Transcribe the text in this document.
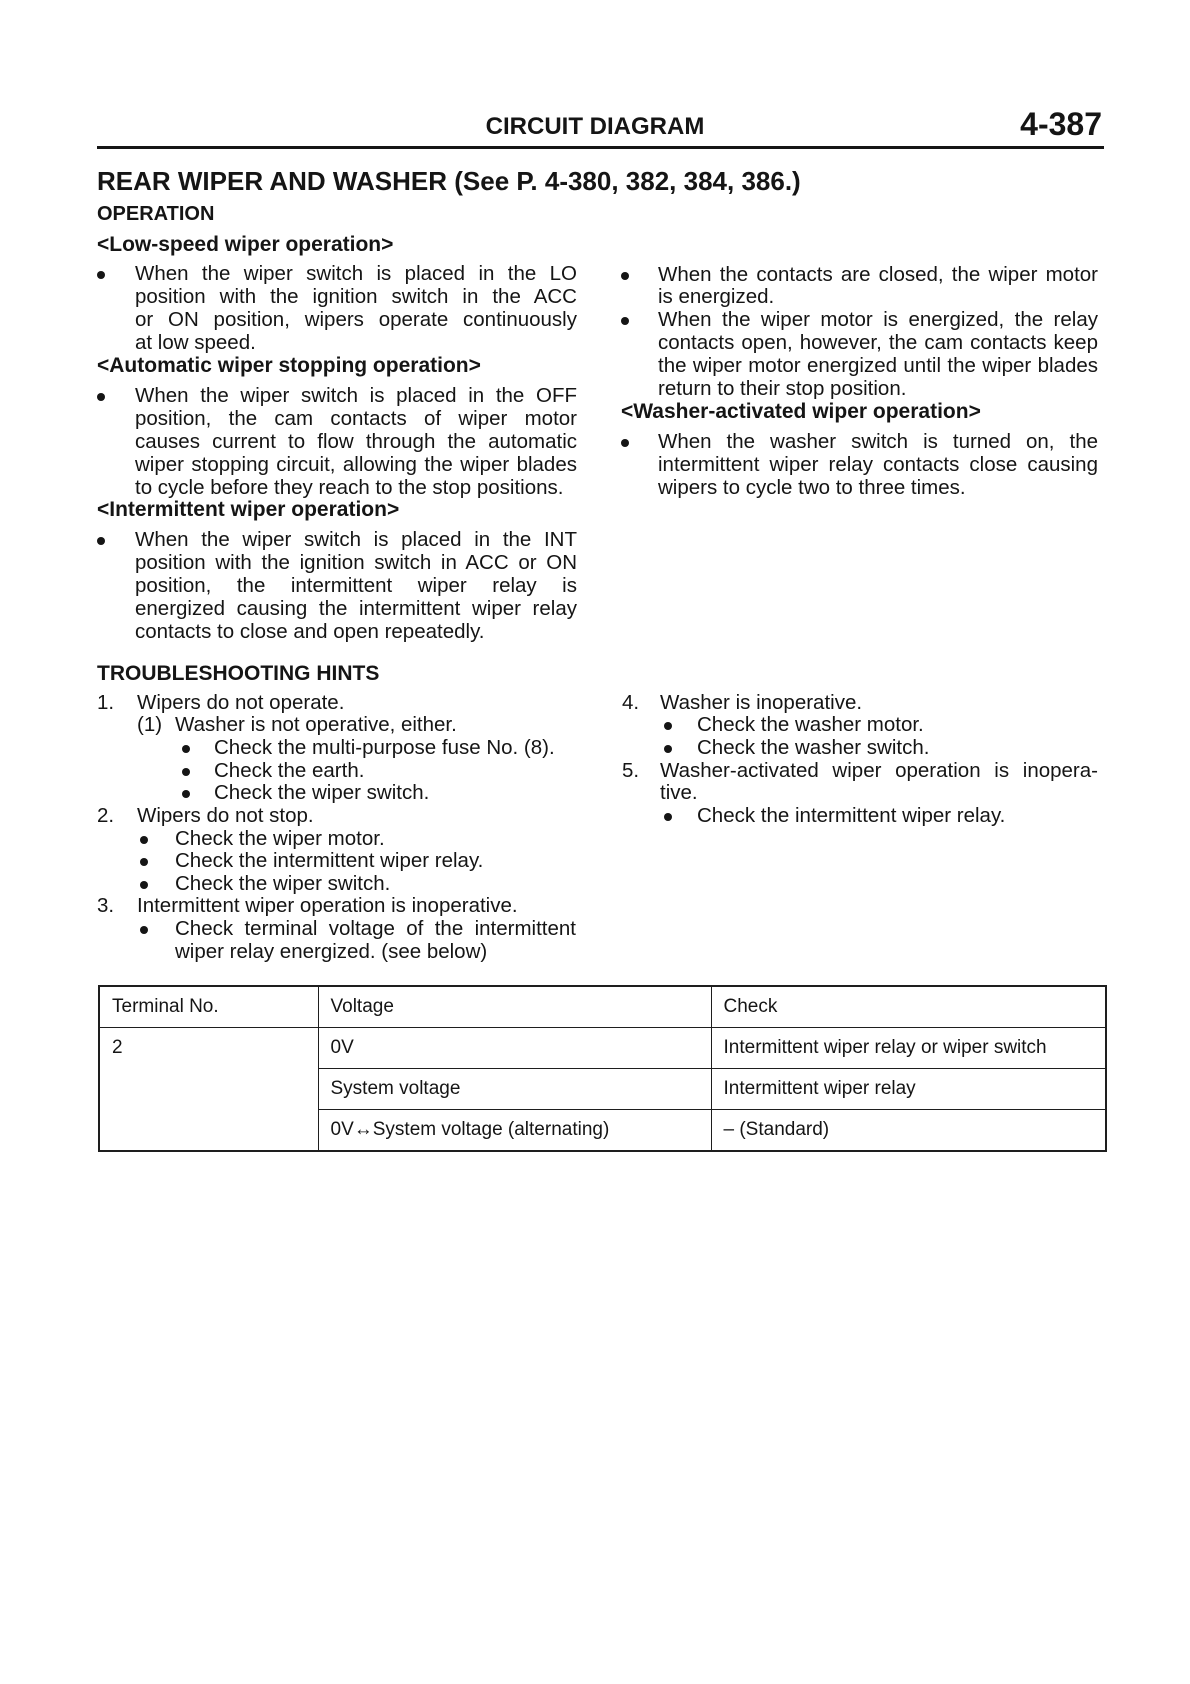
CIRCUIT DIAGRAM	4-387
REAR WIPER AND WASHER (See P. 4-380, 382, 384, 386.)
OPERATION
<Low-speed wiper operation>
When the wiper switch is placed in the LO
position with the ignition switch in the ACC
or ON position, wipers operate continuously
at low speed.
<Automatic wiper stopping operation>
When the wiper switch is placed in the OFF
position, the cam contacts of wiper motor
causes current to flow through the automatic
wiper stopping circuit, allowing the wiper blades
to cycle before they reach to the stop positions.
<Intermittent wiper operation>
When the wiper switch is placed in the INT
position with the ignition switch in ACC or ON
position, the intermittent wiper relay is
energized causing the intermittent wiper relay
contacts to close and open repeatedly.
When the contacts are closed, the wiper motor
is energized.
When the wiper motor is energized, the relay
contacts open, however, the cam contacts keep
the wiper motor energized until the wiper blades
return to their stop position.
<Washer-activated wiper operation>
When the washer switch is turned on, the
intermittent wiper relay contacts close causing
wipers to cycle two to three times.
TROUBLESHOOTING HINTS
1. Wipers do not operate.
(1) Washer is not operative, either.
Check the multi-purpose fuse No. (8).
Check the earth.
Check the wiper switch.
2. Wipers do not stop.
Check the wiper motor.
Check the intermittent wiper relay.
Check the wiper switch.
3. Intermittent wiper operation is inoperative.
Check terminal voltage of the intermittent
wiper relay energized. (see below)
4. Washer is inoperative.
Check the washer motor.
Check the washer switch.
5. Washer-activated wiper operation is inopera-
tive.
Check the intermittent wiper relay.
Terminal No.	Voltage	Check
2	0V	Intermittent wiper relay or wiper switch
	System voltage	Intermittent wiper relay
	0V↔System voltage (alternating)	– (Standard)
